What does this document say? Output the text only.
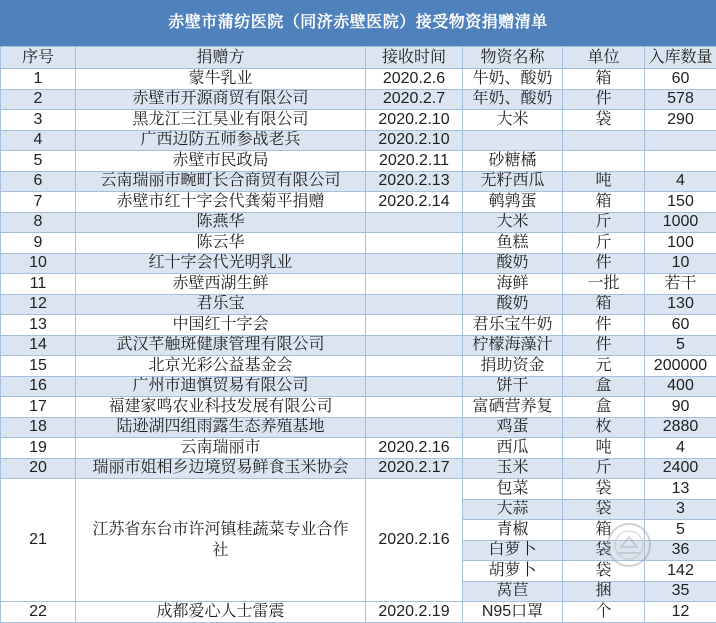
赤壁市蒲纺医院（同济赤壁医院）接受物资捐赠清单
序号	捐赠方	接收时间	物资名称	单位	入库数量
1	蒙牛乳业	2020.2.6	牛奶、酸奶	箱	60
2	赤壁市开源商贸有限公司	2020.2.7	年奶、酸奶	件	578
3	黑龙江三江昊业有限公司	2020.2.10	大米	袋	290
4	广西边防五师参战老兵	2020.2.10			
5	赤壁市民政局	2020.2.11	砂糖橘		
6	云南瑞丽市畹町长合商贸有限公司	2020.2.13	无籽西瓜	吨	4
7	赤壁市红十字会代龚菊平捐赠	2020.2.14	鹌鹑蛋	箱	150
8	陈燕华		大米	斤	1000
9	陈云华		鱼糕	斤	100
10	红十字会代光明乳业		酸奶	件	10
11	赤壁西湖生鲜		海鲜	一批	若干
12	君乐宝		酸奶	箱	130
13	中国红十字会		君乐宝牛奶	件	60
14	武汉芊触斑健康管理有限公司		柠檬海藻汁	件	5
15	北京光彩公益基金会		捐助资金	元	200000
16	广州市迪慎贸易有限公司		饼干	盒	400
17	福建家鸣农业科技发展有限公司		富硒营养复	盒	90
18	陆逊湖四组雨露生态养殖基地		鸡蛋	枚	2880
19	云南瑞丽市	2020.2.16	西瓜	吨	4
20	瑞丽市姐相乡边境贸易鲜食玉米协会	2020.2.17	玉米	斤	2400
21	江苏省东台市许河镇桂蔬菜专业合作社	2020.2.16	包菜	袋	13
			大蒜	袋	3
			青椒	箱	5
			白萝卜	袋	36
			胡萝卜	袋	142
			莴苣	捆	35
22	成都爱心人士雷震	2020.2.19	N95口罩	个	12
